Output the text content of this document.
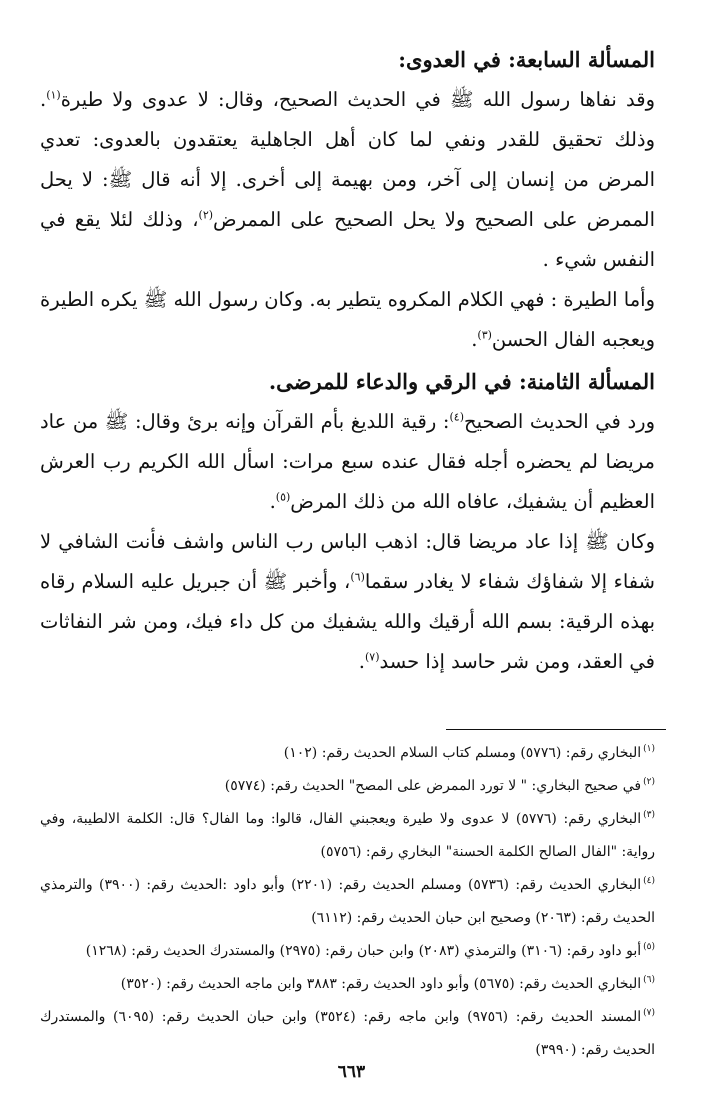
المسألة السابعة: في العدوى:

وقد نفاها رسول الله ﷺ في الحديث الصحيح، وقال: لا عدوى ولا طيرة$^{(١)}$. وذلك تحقيق للقدر ونفي لما كان أهل الجاهلية يعتقدون بالعدوى: تعدي المرض من إنسان إلى آخر، ومن بهيمة إلى أخرى. إلا أنه قال ﷺ: لا يحل الممرض على الصحيح ولا يحل الصحيح على الممرض$^{(٢)}$، وذلك لئلا يقع في النفس شيء .

وأما الطيرة : فهي الكلام المكروه يتطير به. وكان رسول الله ﷺ يكره الطيرة ويعجبه الفال الحسن$^{(٣)}$.

المسألة الثامنة: في الرقي والدعاء للمرضى.

ورد في الحديث الصحيح$^{(٤)}$: رقية اللديغ بأم القرآن وإنه برئ وقال: ﷺ من عاد مريضا لم يحضره أجله فقال عنده سبع مرات: اسأل الله الكريم رب العرش العظيم أن يشفيك، عافاه الله من ذلك المرض$^{(٥)}$.

وكان ﷺ إذا عاد مريضا قال: اذهب الباس رب الناس واشف فأنت الشافي لا شفاء إلا شفاؤك شفاء لا يغادر سقما$^{(٦)}$، وأخبر ﷺ أن جبريل عليه السلام رقاه بهذه الرقية: بسم الله أرقيك والله يشفيك من كل داء فيك، ومن شر النفاثات في العقد، ومن شر حاسد إذا حسد$^{(٧)}$.

$^{(١)}$البخاري رقم: (٥٧٧٦) ومسلم كتاب السلام الحديث رقم: (١٠٢)

$^{(٢)}$في صحيح البخاري: " لا تورد الممرض على المصح" الحديث رقم: (٥٧٧٤)

$^{(٣)}$البخاري رقم: (٥٧٧٦) لا عدوى ولا طيرة ويعجبني الفال، قالوا: وما الفال؟ قال: الكلمة الالطيبة، وفي رواية: "الفال الصالح الكلمة الحسنة" البخاري رقم: (٥٧٥٦)

$^{(٤)}$البخاري الحديث رقم: (٥٧٣٦) ومسلم الحديث رقم: (٢٢٠١) وأبو داود :الحديث رقم: (٣٩٠٠) والترمذي الحديث رقم: (٢٠٦٣) وصحيح ابن حبان الحديث رقم: (٦١١٢)

$^{(٥)}$أبو داود رقم: (٣١٠٦) والترمذي (٢٠٨٣) وابن حبان رقم: (٢٩٧٥) والمستدرك الحديث رقم: (١٢٦٨)

$^{(٦)}$البخاري الحديث رقم: (٥٦٧٥) وأبو داود الحديث رقم: ٣٨٨٣ وابن ماجه الحديث رقم: (٣٥٢٠)

$^{(٧)}$المسند الحديث رقم: (٩٧٥٦) وابن ماجه رقم: (٣٥٢٤) وابن حبان الحديث رقم: (٦٠٩٥) والمستدرك الحديث رقم: (٣٩٩٠)

٦٦٣
